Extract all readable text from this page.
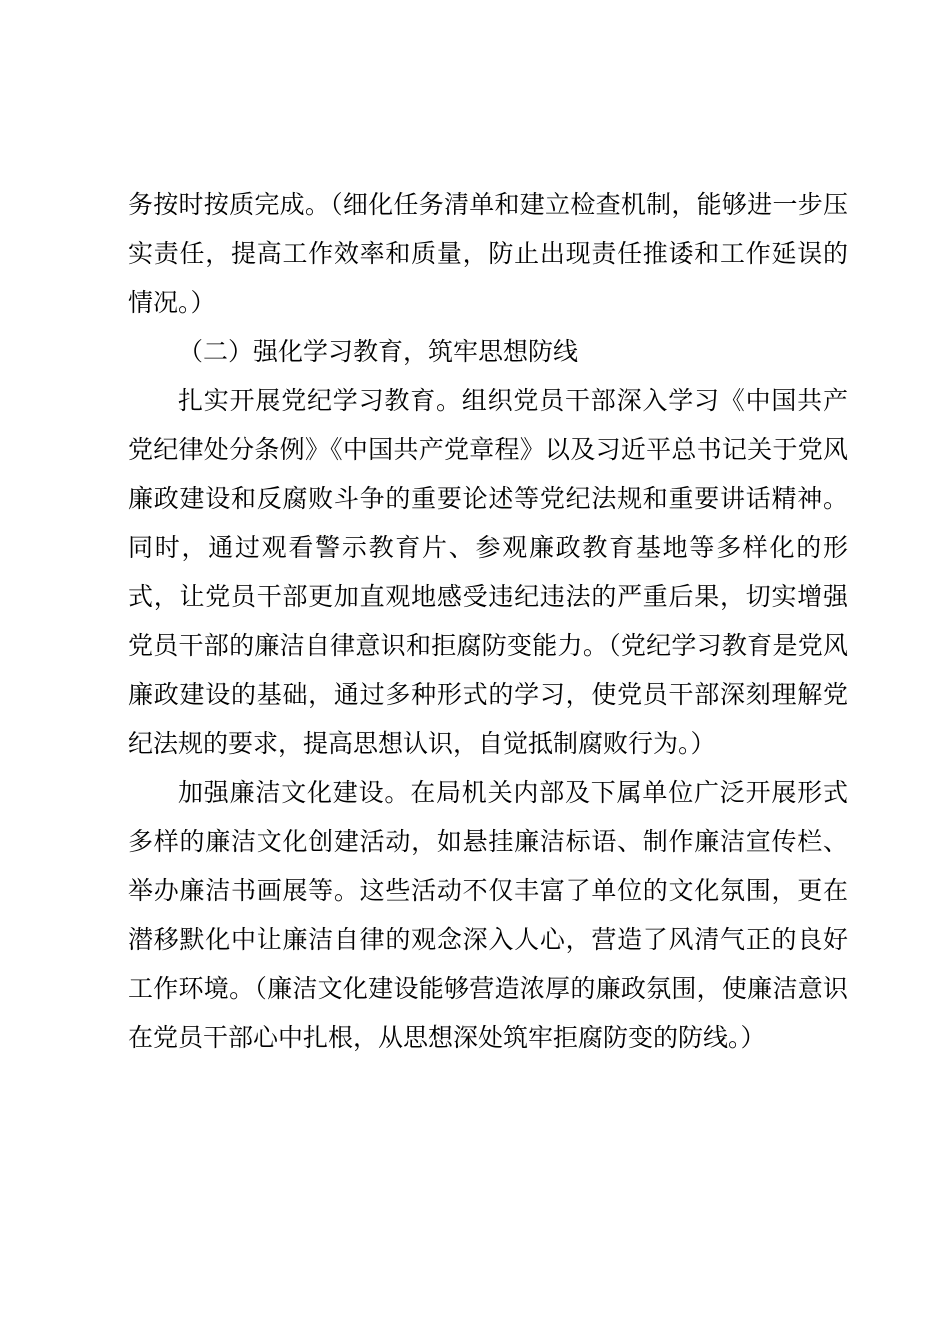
务按时按质完成。（细化任务清单和建立检查机制，能够进一步压实责任，提高工作效率和质量，防止出现责任推诿和工作延误的情况。）

（二）强化学习教育，筑牢思想防线

扎实开展党纪学习教育。组织党员干部深入学习《中国共产党纪律处分条例》《中国共产党章程》以及习近平总书记关于党风廉政建设和反腐败斗争的重要论述等党纪法规和重要讲话精神。同时，通过观看警示教育片、参观廉政教育基地等多样化的形式，让党员干部更加直观地感受违纪违法的严重后果，切实增强党员干部的廉洁自律意识和拒腐防变能力。（党纪学习教育是党风廉政建设的基础，通过多种形式的学习，使党员干部深刻理解党纪法规的要求，提高思想认识，自觉抵制腐败行为。）

加强廉洁文化建设。在局机关内部及下属单位广泛开展形式多样的廉洁文化创建活动，如悬挂廉洁标语、制作廉洁宣传栏、举办廉洁书画展等。这些活动不仅丰富了单位的文化氛围，更在潜移默化中让廉洁自律的观念深入人心，营造了风清气正的良好工作环境。（廉洁文化建设能够营造浓厚的廉政氛围，使廉洁意识在党员干部心中扎根，从思想深处筑牢拒腐防变的防线。）
